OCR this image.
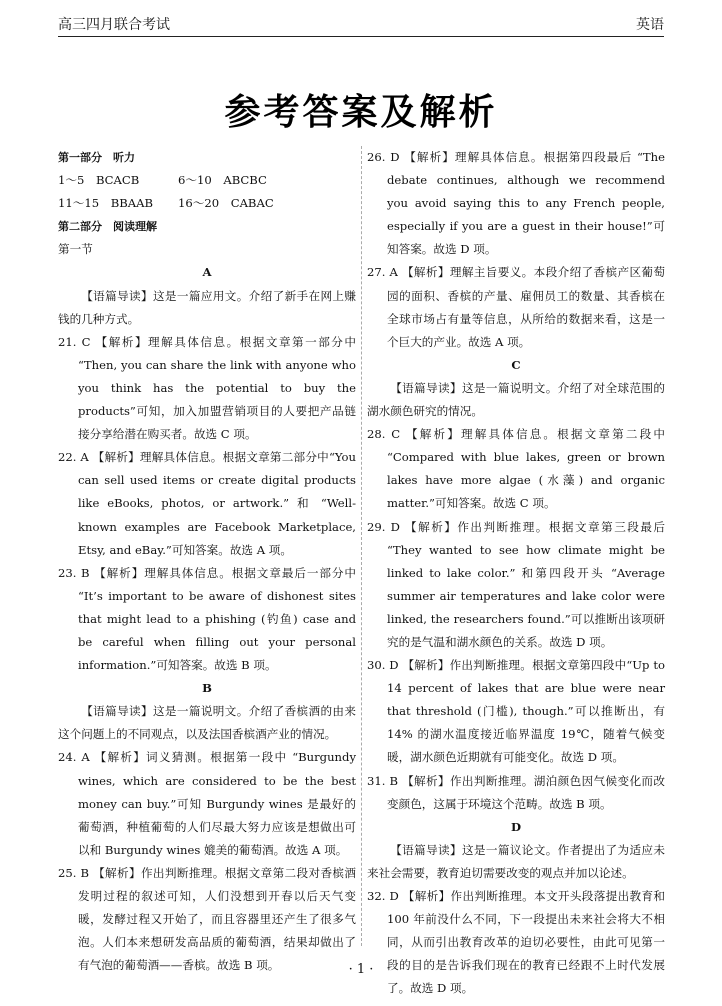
高三四月联合考试	英语
参考答案及解析

第一部分　听力

1～5　BCACB	6～10　ABCBC
11～15　BBAAB	16～20　CABAC

第二部分　阅读理解

第一节

A

【语篇导读】这是一篇应用文。介绍了新手在网上赚钱的几种方式。

21. C 【解析】理解具体信息。根据文章第一部分中 “Then, you can share the link with anyone who you think has the potential to buy the products”可知，加入加盟营销项目的人要把产品链接分享给潜在购买者。故选 C 项。

22. A 【解析】理解具体信息。根据文章第二部分中“You can sell used items or create digital products like eBooks, photos, or artwork.” 和 “Well-known examples are Facebook Marketplace, Etsy, and eBay.”可知答案。故选 A 项。

23. B 【解析】理解具体信息。根据文章最后一部分中 “It’s important to be aware of dishonest sites that might lead to a phishing (钓鱼) case and be careful when filling out your personal information.”可知答案。故选 B 项。

B

【语篇导读】这是一篇说明文。介绍了香槟酒的由来这个问题上的不同观点，以及法国香槟酒产业的情况。

24. A 【解析】词义猜测。根据第一段中 “Burgundy wines, which are considered to be the best money can buy.”可知 Burgundy wines 是最好的葡萄酒，种植葡萄的人们尽最大努力应该是想做出可以和 Burgundy wines 媲美的葡萄酒。故选 A 项。

25. B 【解析】作出判断推理。根据文章第二段对香槟酒发明过程的叙述可知，人们没想到开春以后天气变暖，发酵过程又开始了，而且容器里还产生了很多气泡。人们本来想研发高品质的葡萄酒，结果却做出了有气泡的葡萄酒——香槟。故选 B 项。

26. D 【解析】理解具体信息。根据第四段最后 “The debate continues, although we recommend you avoid saying this to any French people, especially if you are a guest in their house!”可知答案。故选 D 项。

27. A 【解析】理解主旨要义。本段介绍了香槟产区葡萄园的面积、香槟的产量、雇佣员工的数量、其香槟在全球市场占有量等信息，从所给的数据来看，这是一个巨大的产业。故选 A 项。

C

【语篇导读】这是一篇说明文。介绍了对全球范围的湖水颜色研究的情况。

28. C 【解析】理解具体信息。根据文章第二段中 “Compared with blue lakes, green or brown lakes have more algae (水藻) and organic matter.”可知答案。故选 C 项。

29. D 【解析】作出判断推理。根据文章第三段最后 “They wanted to see how climate might be linked to lake color.” 和第四段开头 “Average summer air temperatures and lake color were linked, the researchers found.”可以推断出该项研究的是气温和湖水颜色的关系。故选 D 项。

30. D 【解析】作出判断推理。根据文章第四段中“Up to 14 percent of lakes that are blue were near that threshold (门槛), though.”可以推断出，有 14% 的湖水温度接近临界温度 19℃，随着气候变暖，湖水颜色近期就有可能变化。故选 D 项。

31. B 【解析】作出判断推理。湖泊颜色因气候变化而改变颜色，这属于环境这个范畴。故选 B 项。

D

【语篇导读】这是一篇议论文。作者提出了为适应未来社会需要，教育迫切需要改变的观点并加以论述。

32. D 【解析】作出判断推理。本文开头段落提出教育和 100 年前没什么不同，下一段提出未来社会将大不相同，从而引出教育改革的迫切必要性，由此可见第一段的目的是告诉我们现在的教育已经跟不上时代发展了。故选 D 项。

· 1 ·
